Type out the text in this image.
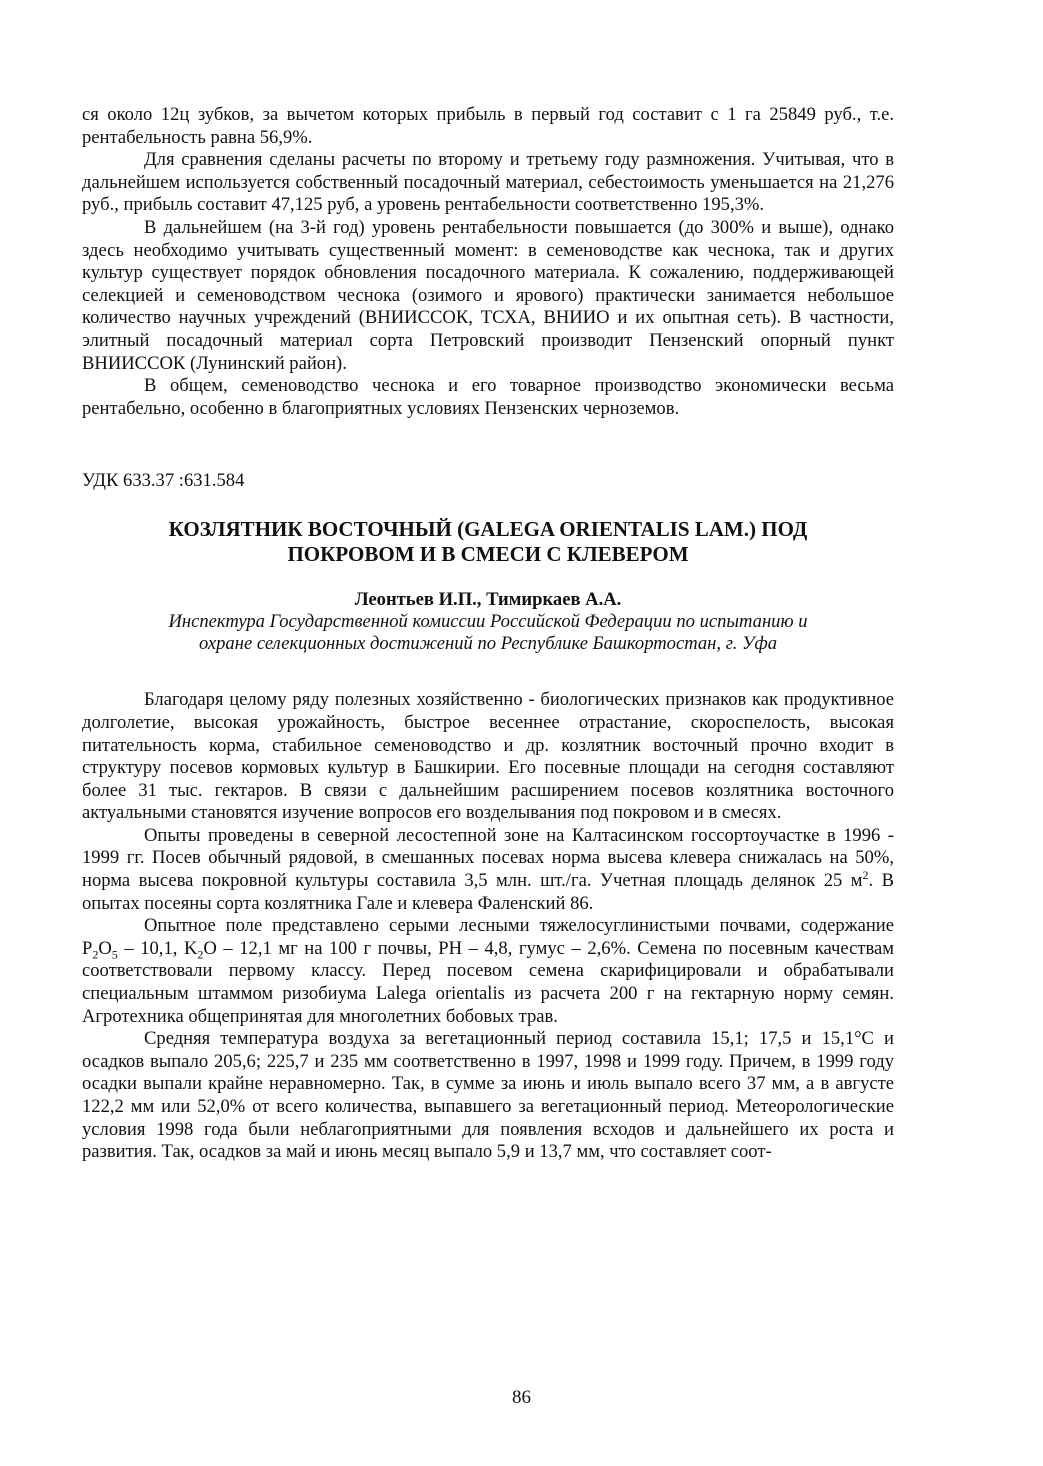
ся около 12ц зубков, за вычетом которых прибыль в первый год составит с 1 га 25849 руб., т.е. рентабельность равна 56,9%.

Для сравнения сделаны расчеты по второму и третьему году размножения. Учитывая, что в дальнейшем используется собственный посадочный материал, себестоимость уменьшается на 21,276 руб., прибыль составит 47,125 руб, а уровень рентабельности соответственно 195,3%.

В дальнейшем (на 3-й год) уровень рентабельности повышается (до 300% и выше), однако здесь необходимо учитывать существенный момент: в семеноводстве как чеснока, так и других культур существует порядок обновления посадочного материала. К сожалению, поддерживающей селекцией и семеноводством чеснока (озимого и ярового) практически занимается небольшое количество научных учреждений (ВНИИССОК, ТСХА, ВНИИО и их опытная сеть). В частности, элитный посадочный материал сорта Петровский производит Пензенский опорный пункт ВНИИССОК (Лунинский район).

В общем, семеноводство чеснока и его товарное производство экономически весьма рентабельно, особенно в благоприятных условиях Пензенских черноземов.

УДК 633.37 :631.584
КОЗЛЯТНИК ВОСТОЧНЫЙ (GALEGA ORIENTALIS LAM.) ПОД
ПОКРОВОМ И В СМЕСИ С КЛЕВЕРОМ
Леонтьев И.П., Тимиркаев А.А.
Инспектура Государственной комиссии Российской Федерации по испытанию и
охране селекционных достижений по Республике Башкортостан, г. Уфа

Благодаря целому ряду полезных хозяйственно - биологических признаков как продуктивное долголетие, высокая урожайность, быстрое весеннее отрастание, скороспелость, высокая питательность корма, стабильное семеноводство и др. козлятник восточный прочно входит в структуру посевов кормовых культур в Башкирии. Его посевные площади на сегодня составляют более 31 тыс. гектаров. В связи с дальнейшим расширением посевов козлятника восточного актуальными становятся изучение вопросов его возделывания под покровом и в смесях.

Опыты проведены в северной лесостепной зоне на Калтасинском госсортоучастке в 1996 - 1999 гг. Посев обычный рядовой, в смешанных посевах норма высева клевера снижалась на 50%, норма высева покровной культуры составила 3,5 млн. шт./га. Учетная площадь делянок 25 $м^2$. В опытах посеяны сорта козлятника Гале и клевера Фаленский 86.

Опытное поле представлено серыми лесными тяжелосуглинистыми почвами, содержание $P_2O_5 - 10,1$, $K_2O - 12,1$ мг на 100 г почвы, PH – 4,8, гумус – 2,6%. Семена по посевным качествам соответствовали первому классу. Перед посевом семена скарифицировали и обрабатывали специальным штаммом ризобиума Lalega orientalis из расчета 200 г на гектарную норму семян. Агротехника общепринятая для многолетних бобовых трав.

Средняя температура воздуха за вегетационный период составила 15,1; 17,5 и 15,1°С и осадков выпало 205,6; 225,7 и 235 мм соответственно в 1997, 1998 и 1999 году. Причем, в 1999 году осадки выпали крайне неравномерно. Так, в сумме за июнь и июль выпало всего 37 мм, а в августе 122,2 мм или 52,0% от всего количества, выпавшего за вегетационный период. Метеорологические условия 1998 года были неблагоприятными для появления всходов и дальнейшего их роста и развития. Так, осадков за май и июнь месяц выпало 5,9 и 13,7 мм, что составляет соот-

86
